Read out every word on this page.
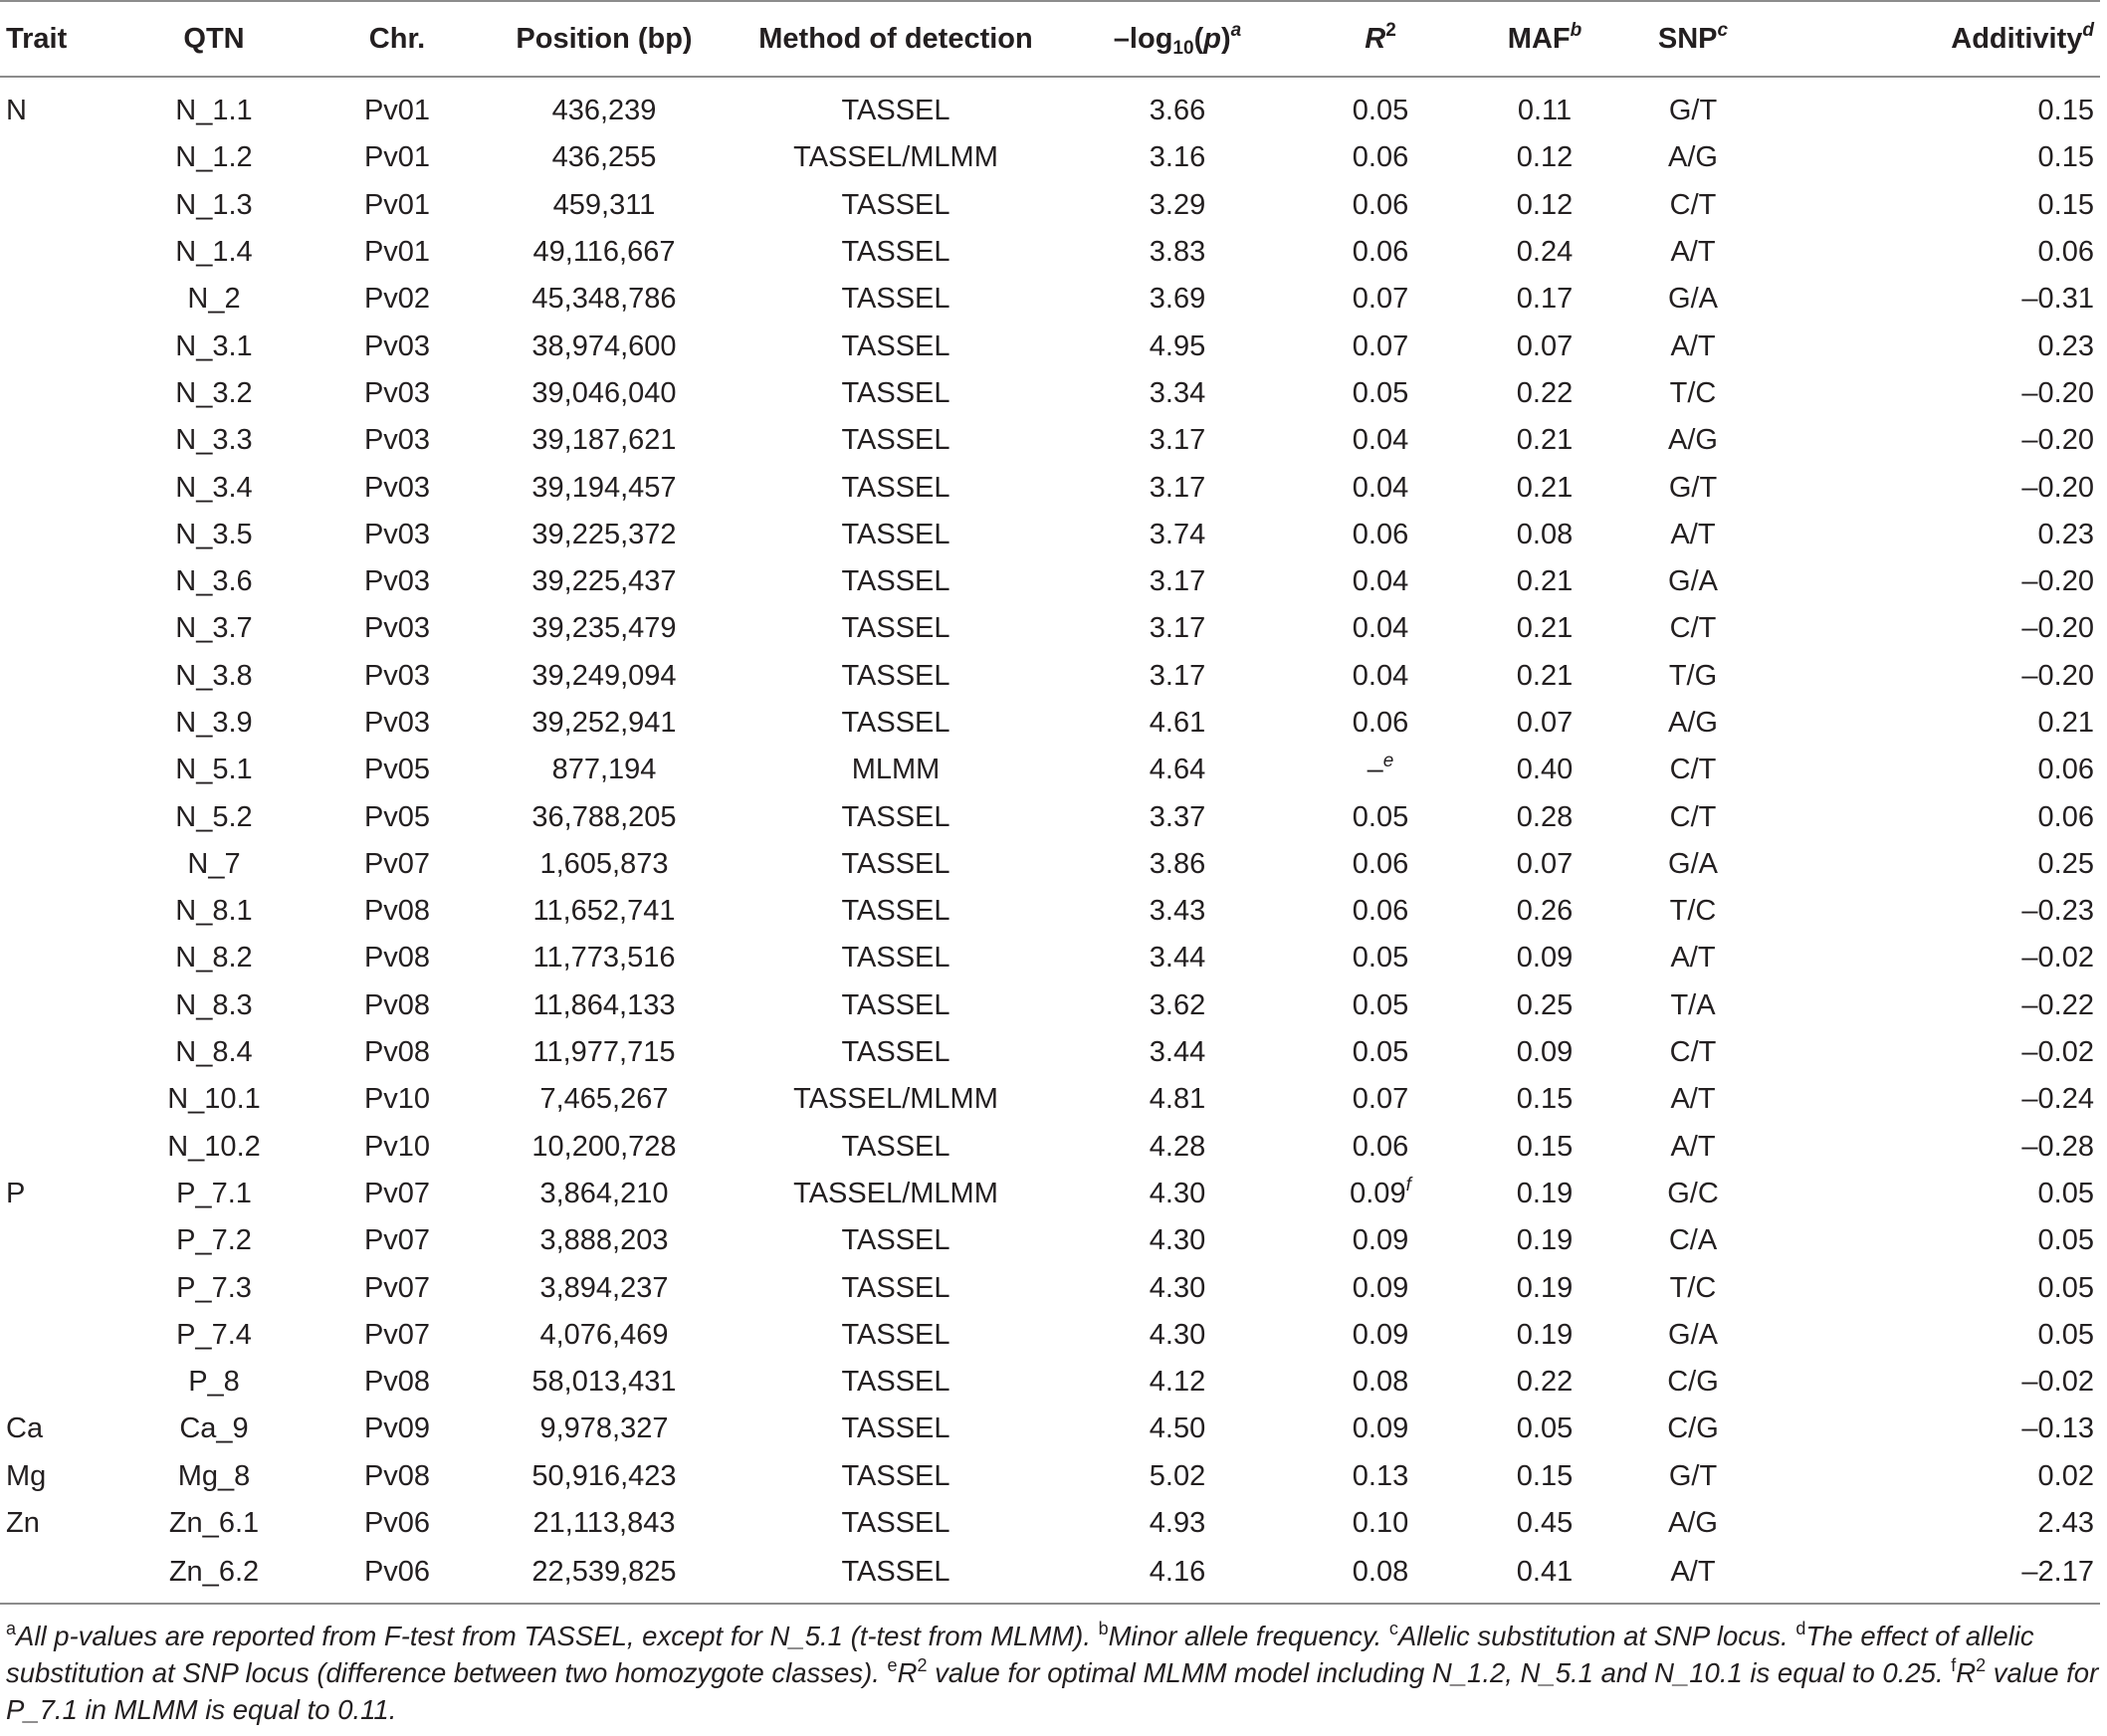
Trait	QTN	Chr.	Position (bp)	Method of detection	$-\log_{10}(p)^a$	$R^2$	MAF$^b$	SNP$^c$	Additivity$^d$
N	N_1.1	Pv01	436,239	TASSEL	3.66	0.05	0.11	G/T	0.15
	N_1.2	Pv01	436,255	TASSEL/MLMM	3.16	0.06	0.12	A/G	0.15
	N_1.3	Pv01	459,311	TASSEL	3.29	0.06	0.12	C/T	0.15
	N_1.4	Pv01	49,116,667	TASSEL	3.83	0.06	0.24	A/T	0.06
	N_2	Pv02	45,348,786	TASSEL	3.69	0.07	0.17	G/A	–0.31
	N_3.1	Pv03	38,974,600	TASSEL	4.95	0.07	0.07	A/T	0.23
	N_3.2	Pv03	39,046,040	TASSEL	3.34	0.05	0.22	T/C	–0.20
	N_3.3	Pv03	39,187,621	TASSEL	3.17	0.04	0.21	A/G	–0.20
	N_3.4	Pv03	39,194,457	TASSEL	3.17	0.04	0.21	G/T	–0.20
	N_3.5	Pv03	39,225,372	TASSEL	3.74	0.06	0.08	A/T	0.23
	N_3.6	Pv03	39,225,437	TASSEL	3.17	0.04	0.21	G/A	–0.20
	N_3.7	Pv03	39,235,479	TASSEL	3.17	0.04	0.21	C/T	–0.20
	N_3.8	Pv03	39,249,094	TASSEL	3.17	0.04	0.21	T/G	–0.20
	N_3.9	Pv03	39,252,941	TASSEL	4.61	0.06	0.07	A/G	0.21
	N_5.1	Pv05	877,194	MLMM	4.64	–$^e$	0.40	C/T	0.06
	N_5.2	Pv05	36,788,205	TASSEL	3.37	0.05	0.28	C/T	0.06
	N_7	Pv07	1,605,873	TASSEL	3.86	0.06	0.07	G/A	0.25
	N_8.1	Pv08	11,652,741	TASSEL	3.43	0.06	0.26	T/C	–0.23
	N_8.2	Pv08	11,773,516	TASSEL	3.44	0.05	0.09	A/T	–0.02
	N_8.3	Pv08	11,864,133	TASSEL	3.62	0.05	0.25	T/A	–0.22
	N_8.4	Pv08	11,977,715	TASSEL	3.44	0.05	0.09	C/T	–0.02
	N_10.1	Pv10	7,465,267	TASSEL/MLMM	4.81	0.07	0.15	A/T	–0.24
	N_10.2	Pv10	10,200,728	TASSEL	4.28	0.06	0.15	A/T	–0.28
P	P_7.1	Pv07	3,864,210	TASSEL/MLMM	4.30	0.09$^f$	0.19	G/C	0.05
	P_7.2	Pv07	3,888,203	TASSEL	4.30	0.09	0.19	C/A	0.05
	P_7.3	Pv07	3,894,237	TASSEL	4.30	0.09	0.19	T/C	0.05
	P_7.4	Pv07	4,076,469	TASSEL	4.30	0.09	0.19	G/A	0.05
	P_8	Pv08	58,013,431	TASSEL	4.12	0.08	0.22	C/G	–0.02
Ca	Ca_9	Pv09	9,978,327	TASSEL	4.50	0.09	0.05	C/G	–0.13
Mg	Mg_8	Pv08	50,916,423	TASSEL	5.02	0.13	0.15	G/T	0.02
Zn	Zn_6.1	Pv06	21,113,843	TASSEL	4.93	0.10	0.45	A/G	2.43
	Zn_6.2	Pv06	22,539,825	TASSEL	4.16	0.08	0.41	A/T	–2.17
$^a$All p-values are reported from F-test from TASSEL, except for N_5.1 (t-test from MLMM). $^b$Minor allele frequency. $^c$Allelic substitution at SNP locus. $^d$The effect of allelic substitution at SNP locus (difference between two homozygote classes). $^eR^2$ value for optimal MLMM model including N_1.2, N_5.1 and N_10.1 is equal to 0.25. $^fR^2$ value for P_7.1 in MLMM is equal to 0.11.
